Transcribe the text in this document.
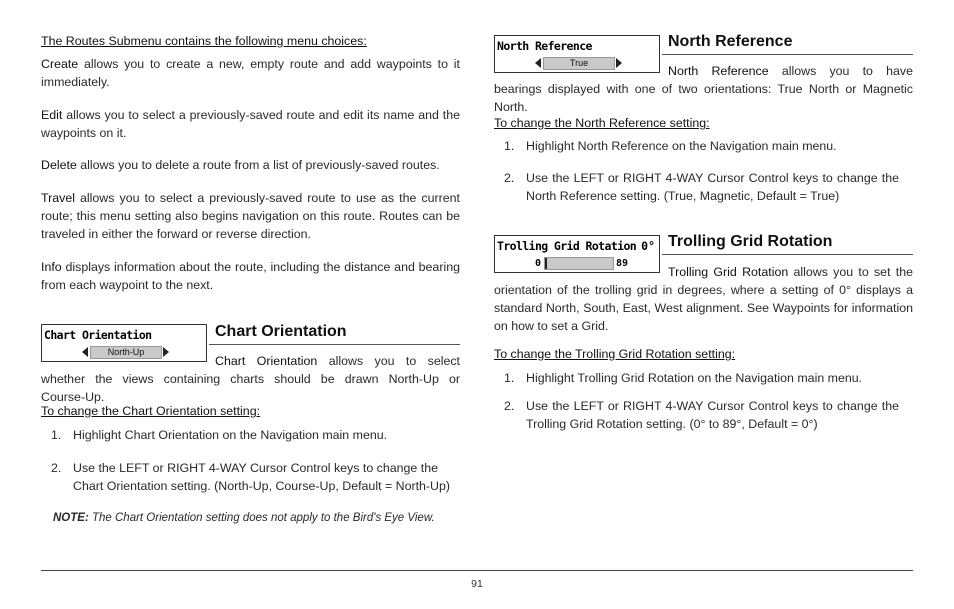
The Routes Submenu contains the following menu choices:

Create allows you to create a new, empty route and add waypoints to it immediately.

Edit allows you to select a previously-saved route and edit its name and the waypoints on it.

Delete allows you to delete a route from a list of previously-saved routes.

Travel allows you to select a previously-saved route to use as the current route; this menu setting also begins navigation on this route. Routes can be traveled in either the forward or reverse direction.

Info displays information about the route, including the distance and bearing from each waypoint to the next.

Chart Orientation
North-Up
Chart Orientation

Chart Orientation allows you to select whether the views containing charts should be drawn North-Up or Course-Up.

To change the Chart Orientation setting:
1. Highlight Chart Orientation on the Navigation main menu.
2. Use the LEFT or RIGHT 4-WAY Cursor Control keys to change the Chart Orientation setting. (North-Up, Course-Up, Default = North-Up)
NOTE: The Chart Orientation setting does not apply to the Bird's Eye View.
North Reference
True
North Reference

North Reference allows you to have bearings displayed with one of two orientations: True North or Magnetic North.

To change the North Reference setting:
1. Highlight North Reference on the Navigation main menu.
2. Use the LEFT or RIGHT 4-WAY Cursor Control keys to change the North Reference setting. (True, Magnetic, Default = True)
Trolling Grid Rotation 0°
0	89
Trolling Grid Rotation

Trolling Grid Rotation allows you to set the orientation of the trolling grid in degrees, where a setting of 0° displays a standard North, South, East, West alignment. See Waypoints for information on how to set a Grid.

To change the Trolling Grid Rotation setting:
1. Highlight Trolling Grid Rotation on the Navigation main menu.
2. Use the LEFT or RIGHT 4-WAY Cursor Control keys to change the Trolling Grid Rotation setting. (0° to 89°, Default = 0°)
91
